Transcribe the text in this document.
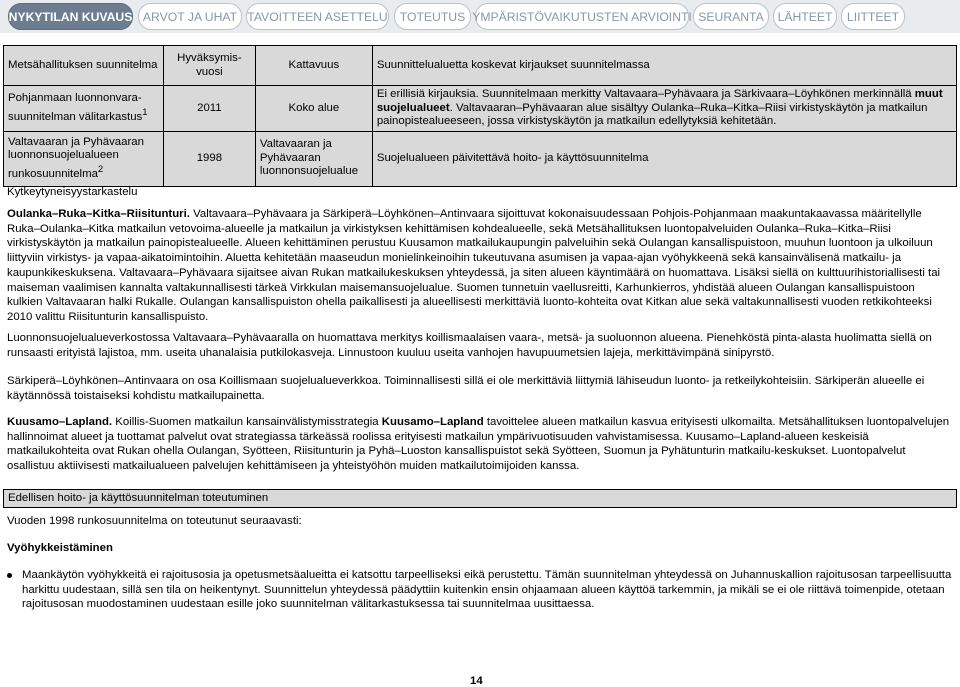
NYKYTILAN KUVAUS ARVOT JA UHAT TAVOITTEEN ASETTELU TOTEUTUS YMPÄRISTÖVAIKUTUSTEN ARVIOINTI SEURANTA	LÄHTEET	LIITTEET
Metsähallituksen suunnitelma	Hyväksymis-vuosi	Kattavuus	Suunnittelualuetta koskevat kirjaukset suunnitelmassa
Pohjanmaan luonnonvara-suunnitelman välitarkastus$^1$	2011	Koko alue	Ei erillisiä kirjauksia. Suunnitelmaan merkitty Valtavaara–Pyhävaara ja Särkivaara–Löyhkönen merkinnällä muut suojelualueet. Valtavaaran–Pyhävaaran alue sisältyy Oulanka–Ruka–Kitka–Riisi virkistyskäytön ja matkailun painopistealueeseen, jossa virkistyskäytön ja matkailun edellytyksiä kehitetään.
Valtavaaran ja Pyhävaaran luonnonsuojelualueen runkosuunnitelma$^2$	1998	Valtavaaran ja Pyhävaaran luonnonsuojelualue	Suojelualueen päivitettävä hoito- ja käyttösuunnitelma
Kytkeytyneisyystarkastelu
Oulanka–Ruka–Kitka–Riisitunturi. Valtavaara–Pyhävaara ja Särkiperä–Löyhkönen–Antinvaara sijoittuvat kokonaisuudessaan Pohjois-Pohjanmaan maakuntakaavassa määritellylle Ruka–Oulanka–Kitka matkailun vetovoima-alueelle ja matkailun ja virkistyksen kehittämisen kohdealueelle, sekä Metsähallituksen luontopalveluiden Oulanka–Ruka–Kitka–Riisi virkistyskäytön ja matkailun painopistealueelle. Alueen kehittäminen perustuu Kuusamon matkailukaupungin palveluihin sekä Oulangan kansallispuistoon, muuhun luontoon ja ulkoiluun liittyviin virkistys- ja vapaa-aikatoimintoihin. Aluetta kehitetään maaseudun monielinkeinoihin tukeutuvana asumisen ja vapaa-ajan vyöhykkeenä sekä kansainvälisenä matkailu- ja kaupunkikeskuksena. Valtavaara–Pyhävaara sijaitsee aivan Rukan matkailukeskuksen yhteydessä, ja siten alueen käyntimäärä on huomattava. Lisäksi siellä on kulttuurihistoriallisesti tai maiseman vaalimisen kannalta valtakunnallisesti tärkeä Virkkulan maisemansuojelualue. Suomen tunnetuin vaellusreitti, Karhunkierros, yhdistää alueen Oulangan kansallispuistoon kulkien Valtavaaran halki Rukalle. Oulangan kansallispuiston ohella paikallisesti ja alueellisesti merkittäviä luonto-kohteita ovat Kitkan alue sekä valtakunnallisesti vuoden retkikohteeksi 2010 valittu Riisitunturin kansallispuisto.
Luonnonsuojelualueverkostossa Valtavaara–Pyhävaaralla on huomattava merkitys koillismaalaisen vaara-, metsä- ja suoluonnon alueena. Pienehköstä pinta-alasta huolimatta siellä on runsaasti erityistä lajistoa, mm. useita uhanalaisia putkilokasveja. Linnustoon kuuluu useita vanhojen havupuumetsien lajeja, merkittävimpänä sinipyrstö.
Särkiperä–Löyhkönen–Antinvaara on osa Koillismaan suojelualueverkkoa. Toiminnallisesti sillä ei ole merkittäviä liittymiä lähiseudun luonto- ja retkeilykohteisiin. Särkiperän alueelle ei käytännössä toistaiseksi kohdistu matkailupainetta.
Kuusamo–Lapland. Koillis-Suomen matkailun kansainvälistymisstrategia Kuusamo–Lapland tavoittelee alueen matkailun kasvua erityisesti ulkomailta. Metsähallituksen luontopalvelujen hallinnoimat alueet ja tuottamat palvelut ovat strategiassa tärkeässä roolissa erityisesti matkailun ympärivuotisuuden vahvistamisessa. Kuusamo–Lapland-alueen keskeisiä matkailukohteita ovat Rukan ohella Oulangan, Syötteen, Riisitunturin ja Pyhä–Luoston kansallispuistot sekä Syötteen, Suomun ja Pyhätunturin matkailu-keskukset. Luontopalvelut osallistuu aktiivisesti matkailualueen palvelujen kehittämiseen ja yhteistyöhön muiden matkailutoimijoiden kanssa.
Edellisen hoito- ja käyttösuunnitelman toteutuminen
Vuoden 1998 runkosuunnitelma on toteutunut seuraavasti:
Vyöhykkeistäminen
Maankäytön vyöhykkeitä ei rajoitusosia ja opetusmetsäalueitta ei katsottu tarpeelliseksi eikä perustettu. Tämän suunnitelman yhteydessä on Juhannuskallion rajoitusosan tarpeellisuutta harkittu uudestaan, sillä sen tila on heikentynyt. Suunnittelun yhteydessä päädyttiin kuitenkin ensin ohjaamaan alueen käyttöä tarkemmin, ja mikäli se ei ole riittävä toimenpide, otetaan rajoitusosan muodostaminen uudestaan esille joko suunnitelman välitarkastuksessa tai suunnitelmaa uusittaessa.
14
